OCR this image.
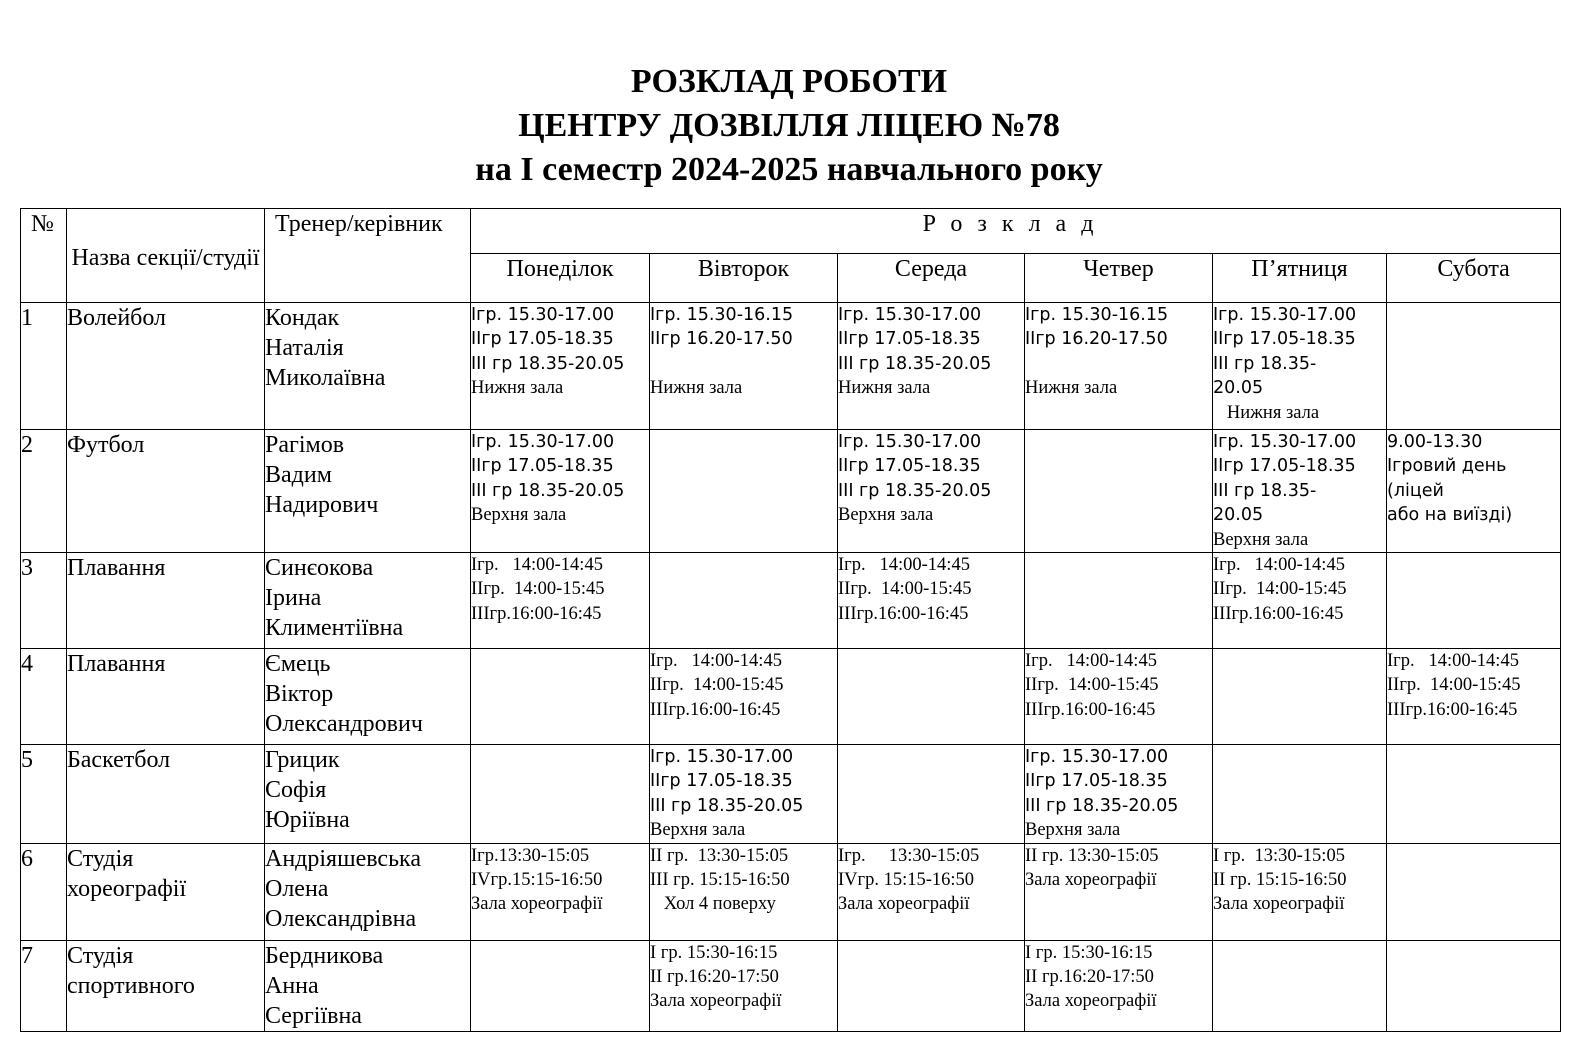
РОЗКЛАД РОБОТИ
ЦЕНТРУ ДОЗВІЛЛЯ ЛІЦЕЮ №78
на І семестр 2024-2025 навчального року
№	Назва секції/студії	Тренер/керівник	Розклад					
			Понеділок	Вівторок	Середа	Четвер	П’ятниця	Субота
1	Волейбол	Кондак
Наталія
Миколаївна	Ігр. 15.30-17.00
ІІгр 17.05-18.35
ІІІ гр 18.35-20.05
Нижня зала	Ігр. 15.30-16.15
ІІгр 16.20-17.50

Нижня зала	Ігр. 15.30-17.00
ІІгр 17.05-18.35
ІІІ гр 18.35-20.05
Нижня зала	Ігр. 15.30-16.15
ІІгр 16.20-17.50

Нижня зала	Ігр. 15.30-17.00
ІІгр 17.05-18.35
ІІІ гр 18.35-
20.05
Нижня зала	

2	Футбол	Рагімов
Вадим
Надирович	Ігр. 15.30-17.00
ІІгр 17.05-18.35
ІІІ гр 18.35-20.05
Верхня зала		Ігр. 15.30-17.00
ІІгр 17.05-18.35
ІІІ гр 18.35-20.05
Верхня зала		Ігр. 15.30-17.00
ІІгр 17.05-18.35
ІІІ гр 18.35-
20.05
Верхня зала	9.00-13.30
Ігровий день
(ліцей
або на виїзді)

3	Плавання	Синєокова
Ірина
Климентіївна	Ігр.   14:00-14:45
ІІгр.  14:00-15:45
ІІІгр.16:00-16:45		Ігр.   14:00-14:45
ІІгр.  14:00-15:45
ІІІгр.16:00-16:45		Ігр.   14:00-14:45
ІІгр.  14:00-15:45
ІІІгр.16:00-16:45	

4	Плавання	Ємець
Віктор
Олександрович		Ігр.   14:00-14:45
ІІгр.  14:00-15:45
ІІІгр.16:00-16:45		Ігр.   14:00-14:45
ІІгр.  14:00-15:45
ІІІгр.16:00-16:45		Ігр.   14:00-14:45
ІІгр.  14:00-15:45
ІІІгр.16:00-16:45

5	Баскетбол	Грицик
Софія
Юріївна		Ігр. 15.30-17.00
ІІгр 17.05-18.35
ІІІ гр 18.35-20.05
Верхня зала		Ігр. 15.30-17.00
ІІгр 17.05-18.35
ІІІ гр 18.35-20.05
Верхня зала		

6	Студія
хореографії	Андріяшевська
Олена
Олександрівна	Ігр.13:30-15:05
IVгр.15:15-16:50
Зала хореографії	ІІ гр.  13:30-15:05
ІІІ гр. 15:15-16:50
Хол 4 поверху	Ігр.     13:30-15:05
IVгр. 15:15-16:50
Зала хореографії	ІІ гр. 13:30-15:05
Зала хореографії	І гр.  13:30-15:05
ІІ гр. 15:15-16:50
Зала хореографії	

7	Студія
спортивного	Бердникова
Анна
Сергіївна		І гр. 15:30-16:15
ІІ гр.16:20-17:50
Зала хореографії		І гр. 15:30-16:15
ІІ гр.16:20-17:50
Зала хореографії		
